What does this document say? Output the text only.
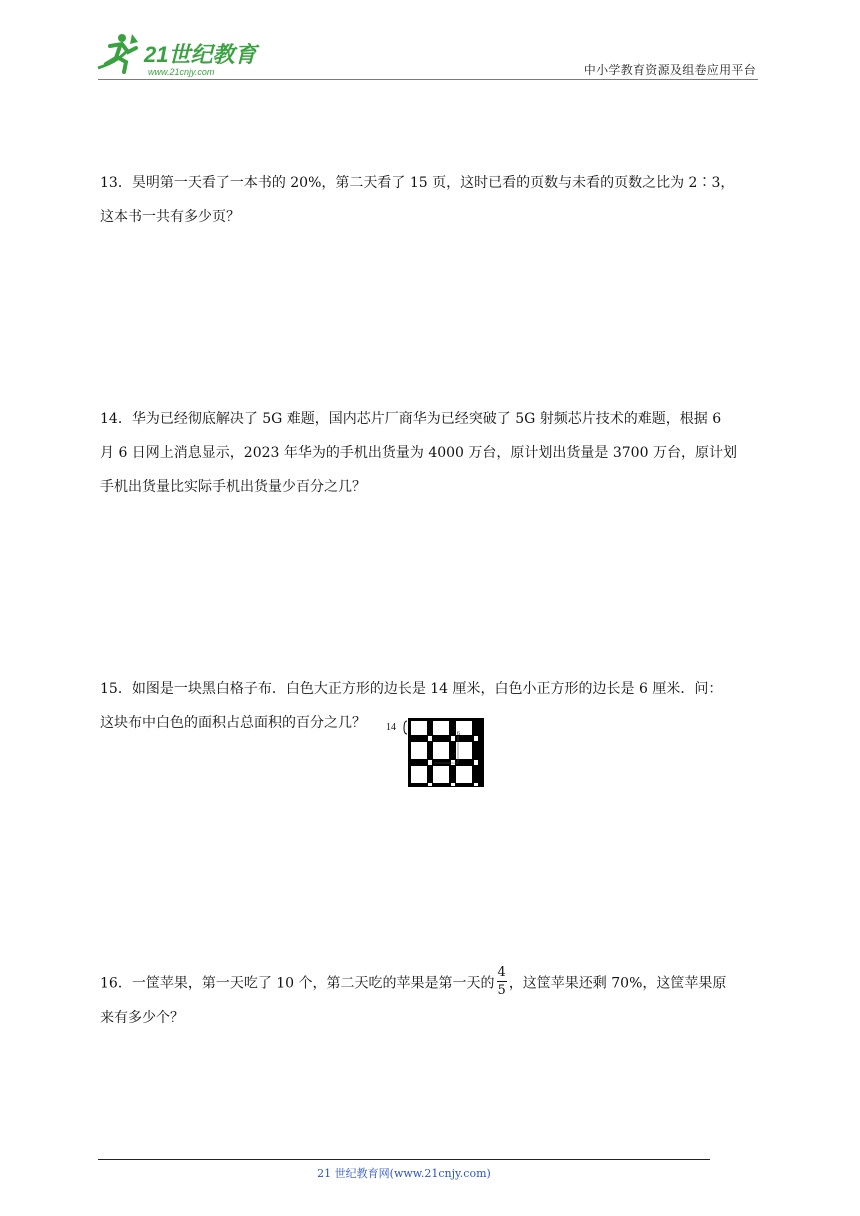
21世纪教育
www.21cnjy.com	中小学教育资源及组卷应用平台

13．昊明第一天看了一本书的 20%，第二天看了 15 页，这时已看的页数与未看的页数之比为 2∶3，

这本书一共有多少页？

14．华为已经彻底解决了 5G 难题，国内芯片厂商华为已经突破了 5G 射频芯片技术的难题，根据 6

月 6 日网上消息显示，2023 年华为的手机出货量为 4000 万台，原计划出货量是 3700 万台，原计划

手机出货量比实际手机出货量少百分之几？

15．如图是一块黑白格子布．白色大正方形的边长是 14 厘米，白色小正方形的边长是 6 厘米．问：

这块布中白色的面积占总面积的百分之几？	14
6

16．一筐苹果，第一天吃了 10 个，第二天吃的苹果是第一天的 $\frac{4}{5}$ ，这筐苹果还剩 70%，这筐苹果原

来有多少个？

21 世纪教育网(www.21cnjy.com)
